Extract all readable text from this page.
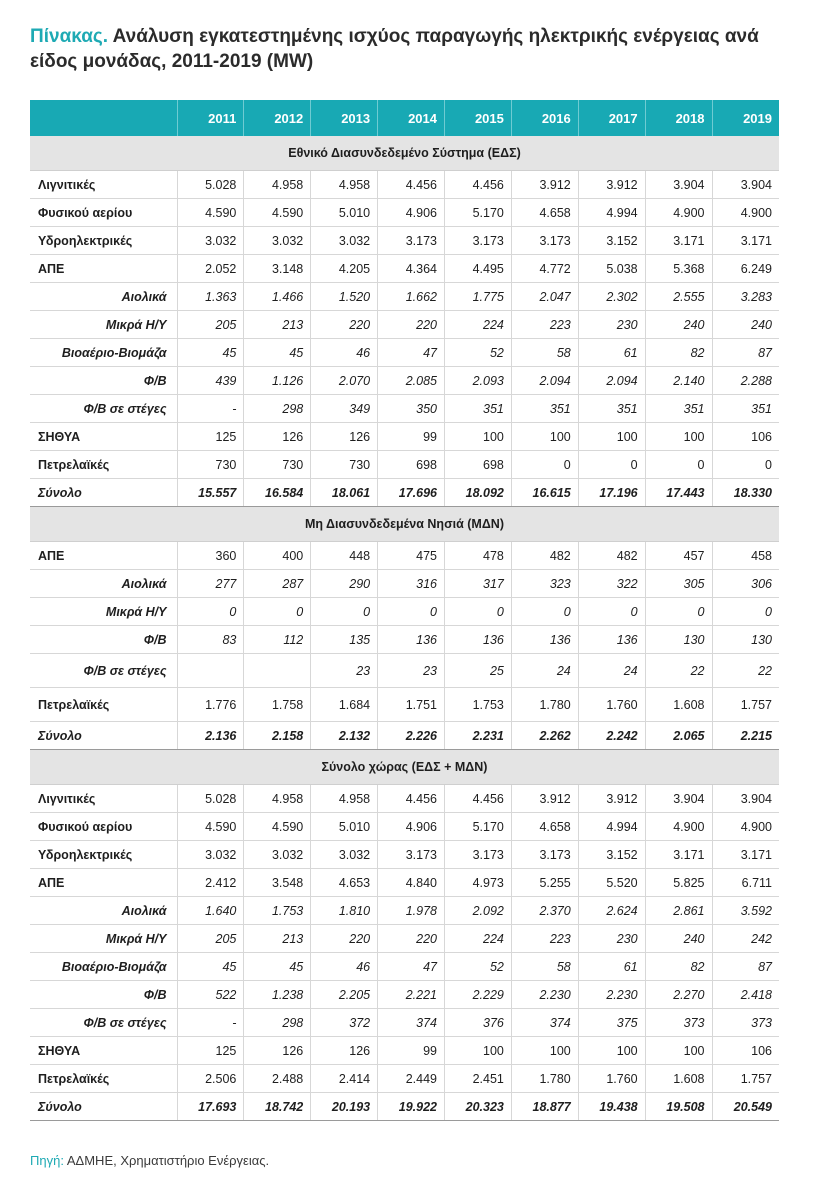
Πίνακας. Ανάλυση εγκατεστημένης ισχύος παραγωγής ηλεκτρικής ενέργειας ανά είδος μονάδας, 2011-2019 (MW)
	2011	2012	2013	2014	2015	2016	2017	2018	2019
Εθνικό Διασυνδεδεμένο Σύστημα (ΕΔΣ)									
Λιγνιτικές	5.028	4.958	4.958	4.456	4.456	3.912	3.912	3.904	3.904
Φυσικού αερίου	4.590	4.590	5.010	4.906	5.170	4.658	4.994	4.900	4.900
Υδροηλεκτρικές	3.032	3.032	3.032	3.173	3.173	3.173	3.152	3.171	3.171
ΑΠΕ	2.052	3.148	4.205	4.364	4.495	4.772	5.038	5.368	6.249
Αιολικά	1.363	1.466	1.520	1.662	1.775	2.047	2.302	2.555	3.283
Μικρά Η/Υ	205	213	220	220	224	223	230	240	240
Βιοαέριο-Βιομάζα	45	45	46	47	52	58	61	82	87
Φ/Β	439	1.126	2.070	2.085	2.093	2.094	2.094	2.140	2.288
Φ/Β σε στέγες	-	298	349	350	351	351	351	351	351
ΣΗΘΥΑ	125	126	126	99	100	100	100	100	106
Πετρελαϊκές	730	730	730	698	698	0	0	0	0
Σύνολο	15.557	16.584	18.061	17.696	18.092	16.615	17.196	17.443	18.330
Μη Διασυνδεδεμένα Νησιά (ΜΔΝ)									
ΑΠΕ	360	400	448	475	478	482	482	457	458
Αιολικά	277	287	290	316	317	323	322	305	306
Μικρά Η/Υ	0	0	0	0	0	0	0	0	0
Φ/Β	83	112	135	136	136	136	136	130	130
Φ/Β σε στέγες			23	23	25	24	24	22	22
Πετρελαϊκές	1.776	1.758	1.684	1.751	1.753	1.780	1.760	1.608	1.757
Σύνολο	2.136	2.158	2.132	2.226	2.231	2.262	2.242	2.065	2.215
Σύνολο χώρας (ΕΔΣ + ΜΔΝ)									
Λιγνιτικές	5.028	4.958	4.958	4.456	4.456	3.912	3.912	3.904	3.904
Φυσικού αερίου	4.590	4.590	5.010	4.906	5.170	4.658	4.994	4.900	4.900
Υδροηλεκτρικές	3.032	3.032	3.032	3.173	3.173	3.173	3.152	3.171	3.171
ΑΠΕ	2.412	3.548	4.653	4.840	4.973	5.255	5.520	5.825	6.711
Αιολικά	1.640	1.753	1.810	1.978	2.092	2.370	2.624	2.861	3.592
Μικρά Η/Υ	205	213	220	220	224	223	230	240	242
Βιοαέριο-Βιομάζα	45	45	46	47	52	58	61	82	87
Φ/Β	522	1.238	2.205	2.221	2.229	2.230	2.230	2.270	2.418
Φ/Β σε στέγες	-	298	372	374	376	374	375	373	373
ΣΗΘΥΑ	125	126	126	99	100	100	100	100	106
Πετρελαϊκές	2.506	2.488	2.414	2.449	2.451	1.780	1.760	1.608	1.757
Σύνολο	17.693	18.742	20.193	19.922	20.323	18.877	19.438	19.508	20.549
Πηγή: ΑΔΜΗΕ, Χρηματιστήριο Ενέργειας.
